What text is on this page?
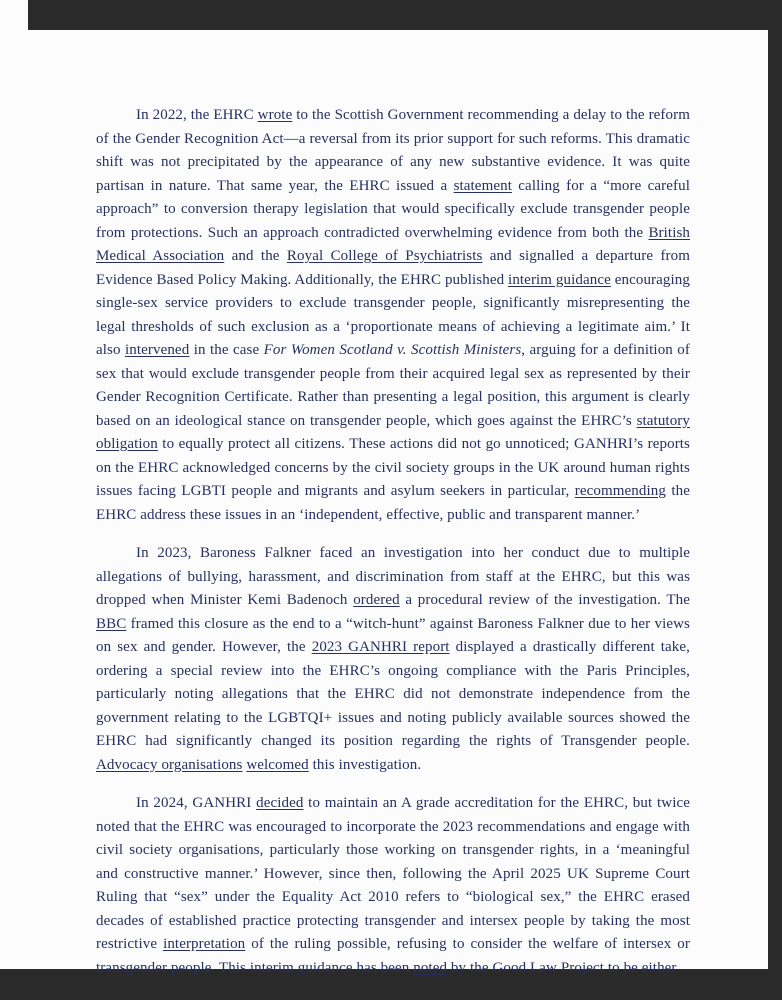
In 2022, the EHRC wrote to the Scottish Government recommending a delay to the reform of the Gender Recognition Act—a reversal from its prior support for such reforms. This dramatic shift was not precipitated by the appearance of any new substantive evidence. It was quite partisan in nature. That same year, the EHRC issued a statement calling for a “more careful approach” to conversion therapy legislation that would specifically exclude transgender people from protections. Such an approach contradicted overwhelming evidence from both the British Medical Association and the Royal College of Psychiatrists and signalled a departure from Evidence Based Policy Making. Additionally, the EHRC published interim guidance encouraging single-sex service providers to exclude transgender people, significantly misrepresenting the legal thresholds of such exclusion as a ‘proportionate means of achieving a legitimate aim.’ It also intervened in the case For Women Scotland v. Scottish Ministers, arguing for a definition of sex that would exclude transgender people from their acquired legal sex as represented by their Gender Recognition Certificate. Rather than presenting a legal position, this argument is clearly based on an ideological stance on transgender people, which goes against the EHRC’s statutory obligation to equally protect all citizens. These actions did not go unnoticed; GANHRI’s reports on the EHRC acknowledged concerns by the civil society groups in the UK around human rights issues facing LGBTI people and migrants and asylum seekers in particular, recommending the EHRC address these issues in an ‘independent, effective, public and transparent manner.’

In 2023, Baroness Falkner faced an investigation into her conduct due to multiple allegations of bullying, harassment, and discrimination from staff at the EHRC, but this was dropped when Minister Kemi Badenoch ordered a procedural review of the investigation. The BBC framed this closure as the end to a “witch-hunt” against Baroness Falkner due to her views on sex and gender. However, the 2023 GANHRI report displayed a drastically different take, ordering a special review into the EHRC’s ongoing compliance with the Paris Principles, particularly noting allegations that the EHRC did not demonstrate independence from the government relating to the LGBTQI+ issues and noting publicly available sources showed the EHRC had significantly changed its position regarding the rights of Transgender people. Advocacy organisations welcomed this investigation.

In 2024, GANHRI decided to maintain an A grade accreditation for the EHRC, but twice noted that the EHRC was encouraged to incorporate the 2023 recommendations and engage with civil society organisations, particularly those working on transgender rights, in a ‘meaningful and constructive manner.’ However, since then, following the April 2025 UK Supreme Court Ruling that “sex” under the Equality Act 2010 refers to “biological sex,” the EHRC erased decades of established practice protecting transgender and intersex people by taking the most restrictive interpretation of the ruling possible, refusing to consider the welfare of intersex or transgender people. This interim guidance has been noted by the Good Law Project to be either
